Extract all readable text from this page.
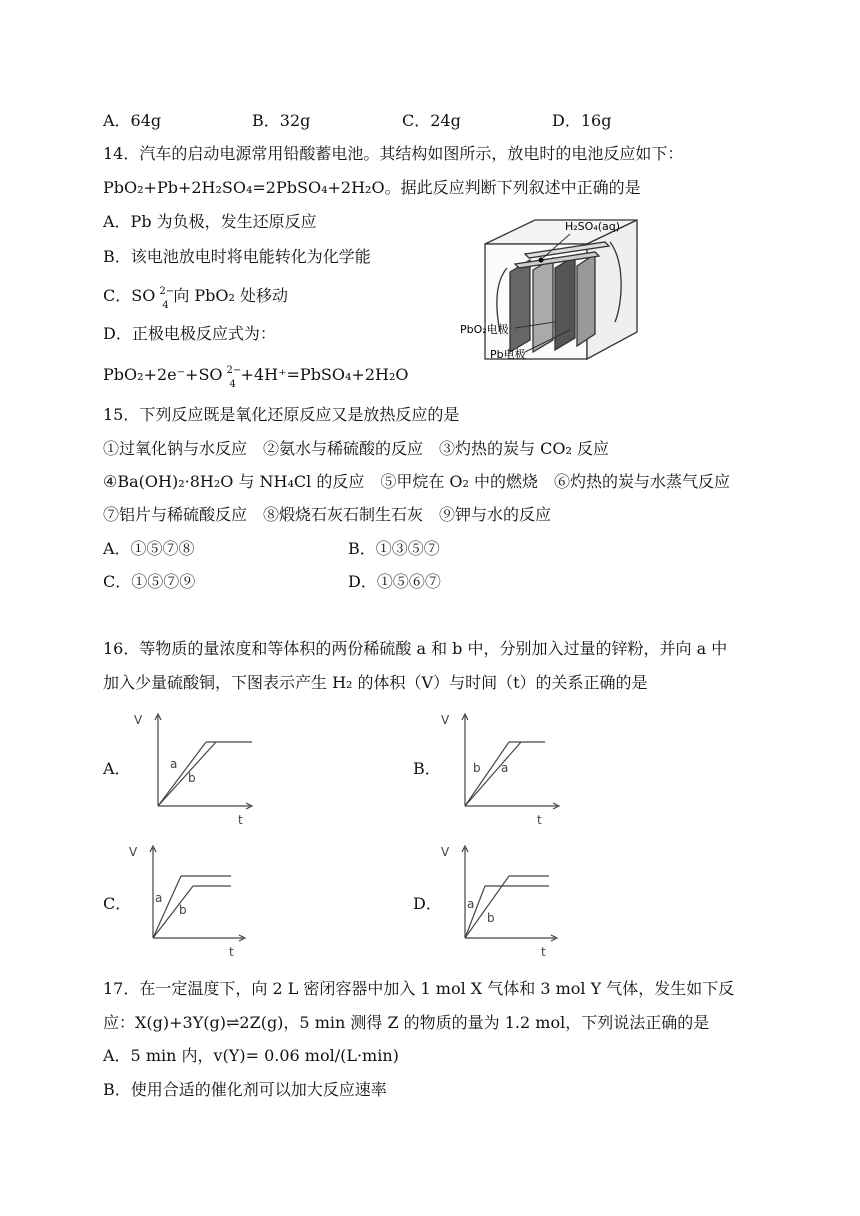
A．64g	B．32g	C．24g	D．16g
14．汽车的启动电源常用铅酸蓄电池。其结构如图所示，放电时的电池反应如下：
PbO₂+Pb+2H₂SO₄=2PbSO₄+2H₂O。据此反应判断下列叙述中正确的是
A．Pb 为负极，发生还原反应
B．该电池放电时将电能转化为化学能
C．SO 2−
4 向 PbO₂ 处移动
D．正极电极反应式为：
PbO₂+2e⁻+SO 2−
4 +4H⁺=PbSO₄+2H₂O
H₂SO₄(aq)
PbO₂电极
Pb电极
15．下列反应既是氧化还原反应又是放热反应的是
①过氧化钠与水反应　②氨水与稀硫酸的反应　③灼热的炭与 CO₂ 反应
④Ba(OH)₂·8H₂O 与 NH₄Cl 的反应　⑤甲烷在 O₂ 中的燃烧　⑥灼热的炭与水蒸气反应
⑦铝片与稀硫酸反应　⑧煅烧石灰石制生石灰　⑨钾与水的反应
A．①⑤⑦⑧	B．①③⑤⑦
C．①⑤⑦⑨	D．①⑤⑥⑦
16．等物质的量浓度和等体积的两份稀硫酸 a 和 b 中，分别加入过量的锌粉，并向 a 中
加入少量硫酸铜，下图表示产生 H₂ 的体积（V）与时间（t）的关系正确的是
A．	B．
C．	D．
V
t
a
b
V
t
b a
V
t
a
b
V
t
a
b
17．在一定温度下，向 2 L 密闭容器中加入 1 mol X 气体和 3 mol Y 气体，发生如下反
应：X(g)+3Y(g)⇌2Z(g)，5 min 测得 Z 的物质的量为 1.2 mol，下列说法正确的是
A．5 min 内，v(Y)= 0.06 mol/(L·min)
B．使用合适的催化剂可以加大反应速率
